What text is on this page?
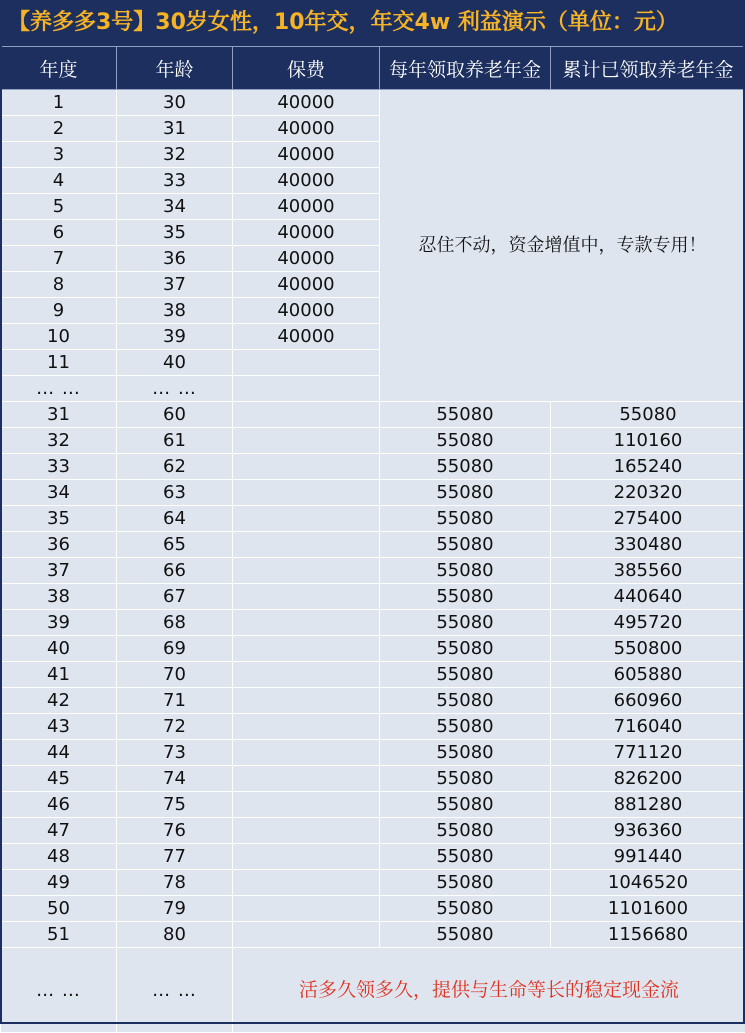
【养多多3号】30岁女性，10年交，年交4w 利益演示（单位：元）
年度	年龄	保费	每年领取养老年金	累计已领取养老年金
1	30	40000	忍住不动，资金增值中，专款专用！	
2	31	40000		
3	32	40000		
4	33	40000		
5	34	40000		
6	35	40000		
7	36	40000		
8	37	40000		
9	38	40000		
10	39	40000		
11	40			
… …	… …			
31	60		55080	55080
32	61		55080	110160
33	62		55080	165240
34	63		55080	220320
35	64		55080	275400
36	65		55080	330480
37	66		55080	385560
38	67		55080	440640
39	68		55080	495720
40	69		55080	550800
41	70		55080	605880
42	71		55080	660960
43	72		55080	716040
44	73		55080	771120
45	74		55080	826200
46	75		55080	881280
47	76		55080	936360
48	77		55080	991440
49	78		55080	1046520
50	79		55080	1101600
51	80		55080	1156680
… …	… …	活多久领多久，提供与生命等长的稳定现金流		
